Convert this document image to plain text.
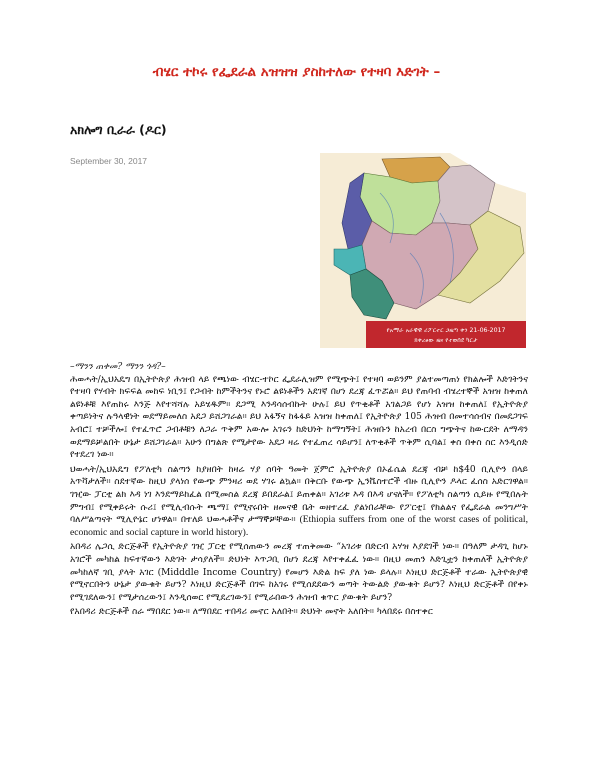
ብሄር ተኮሩ የፌደራል አዝዝዝ ያስከተለው የተዛባ እድገት –
አክሎግ ቢራራ (ዶር)
September 30, 2017
የአማራ አራዊዊ ሪፖርተር ጋዜጣ ቀን 21-06-2017
ክቀረፀው ዜና የተወሰደ ካርታ

–ማንን ጠቀመ? ማንን ጎዳ?–

ሕወሓት/ኢህአዴግ በኢትዮጵያ ሕዝብ ላይ የጫነው ብሄር-ተኮር ፌደራሊዝም የሚጭት፤ የተዛባ ወይንም ያልተመጣጠነ የክልሎች እድገትንና የተዛባ የሃብት ክፍፍል መከፍ ነቢን፤ የጋብት ከምችትንና የኑሮ ልዩነቶችን አደገኛ በሆነ ደረጃ ፈጥሯል። ይህ የጠባብ ብሄረተኞች አዝዝ ከቀጠለ ልዩነቶቹ እየጠከሩ እንጅ እየተሻሻሉ አይሄዱም። ደጋሚ እንዳሳሰብኩት ሁሉ፤ ይህ የጥቂቶች አገልጋይ የሆነ አዝዝ ከቀጠለ፤ የኢትዮጵያ ቀጣይነትና ሉዓላዊነት ወደማይመለስ አደጋ ይሸጋገራል። ይህ አፋኝና ከፋፋይ አዝዝ ከቀጠለ፤ የኢትዮጵያ 105 ሕዝብ በመተሳሰብና በመደጋገፍ አብሮ፤ ተቻችሎ፤ የተፈጥሮ ጋብቶቹን ለጋራ ጥቅም አውሎ አገሩን ከድህነት ከማግኝት፤ ሕዝቡን ከአረብ በርስ ግጭትና ከውርደት ለማዳን ወደማይቻልበት ሁኔታ ይሸጋገራል። አሁን በግልጽ የሚታየው አደጋ ዛሬ የተፈጠረ ሳይሆን፤ ለጥቂቶች ጥቅም ሲባል፤ ቀስ በቀስ ስር እንዲሰድ የተደረገ ነው።

ህወሓት/ኢህአዴግ የፖለቲካ ስልጣን ከያዘበት ከዛሬ ሃያ ሰባት ዓመት ጀምሮ ኢትዮጵያ በኦፊሴል ደረጃ ብቻ ከ$40 ቢሊዮን በላይ አጥቫታለች። ስደተኛው ከዚህ ያላነሰ የውጭ ምንዛሪ ወደ ሃገሩ ልኳል። በቅርቡ የውጭ ኢንቬስተሮች ብዙ ቢሊዮን ዶላር ፈሰስ አድርገዋል። ገዢው ፓርቲ ልክ እዳ ነገ እንደማይከፈል በሚመስል ደረጃ ይበደራል፤ ይጠቀል። አገሪቱ እዳ በእዳ ሆናለች። የፖለቲካ ስልጣን ሲይዙ የሚበሉት ምግብ፤ የሚቀይሩት ሱሪ፤ የሚሊብሱት ጫማ፤ የሚኖሩበት ዘመናዊ ቤት ወዘተረፈ ያልነበራቸው የፖርቲ፤ የክልልና የፌደራል መንግሥት ባለሥልጣናት ሚሊዮኔር ሆነዋል። በተለይ ህወሓቶችና ታማኞቻቸው። (Ethiopia suffers from one of the worst cases of political, economic and social capture in world history).

አበዳሪ ሌጋሲ ድርጅቶች የኢትዮጵያ ገዢ ፓርቲ የሚሰጠውን መረጃ ተጠቅመው “አገሪቱ በድርብ አሃዝ እያደገች ነው። በዓለም ታዳጊ ከሆኑ አገሮች መካከል ከፍተኛውን እድገት ታሳያለች። ድህነት እጥጋቢ በሆነ ደረጃ እየተቀፈፈ ነው። በዚህ መጠን እድጊቷን ከቀጠለች ኢትዮጵያ መካከለኛ ገቢ ያላት አገር (Midddle Income Country) የመሆን እድል ከፍ ያለ ነው ይላሉ። እነዚህ ድርጅቶች ተራው ኢትዮጵያዊ የሚኖርበትን ሁኔታ ያውቁት ይሆን? እነዚህ ድርጅቶች በገፍ ከአገሩ የሚሰደደውን ወጣት ትውልድ ያውቁት ይሆን? እነዚህ ድርጅቶች በየቀኑ የሚገደለውን፤ የሚታሰረውን፤ እንዲሰወር የሚደረገውን፤ የሚራበውን ሕዝብ ቁጥር ያውቁት ይሆን?

የአበዳሪ ድርጅቶች ስራ ማበደር ነው። ለማበደር ተበዳሪ መኖር አለበት። ድህነት መኖት አለበት። ካላበደሩ በስተቀር
